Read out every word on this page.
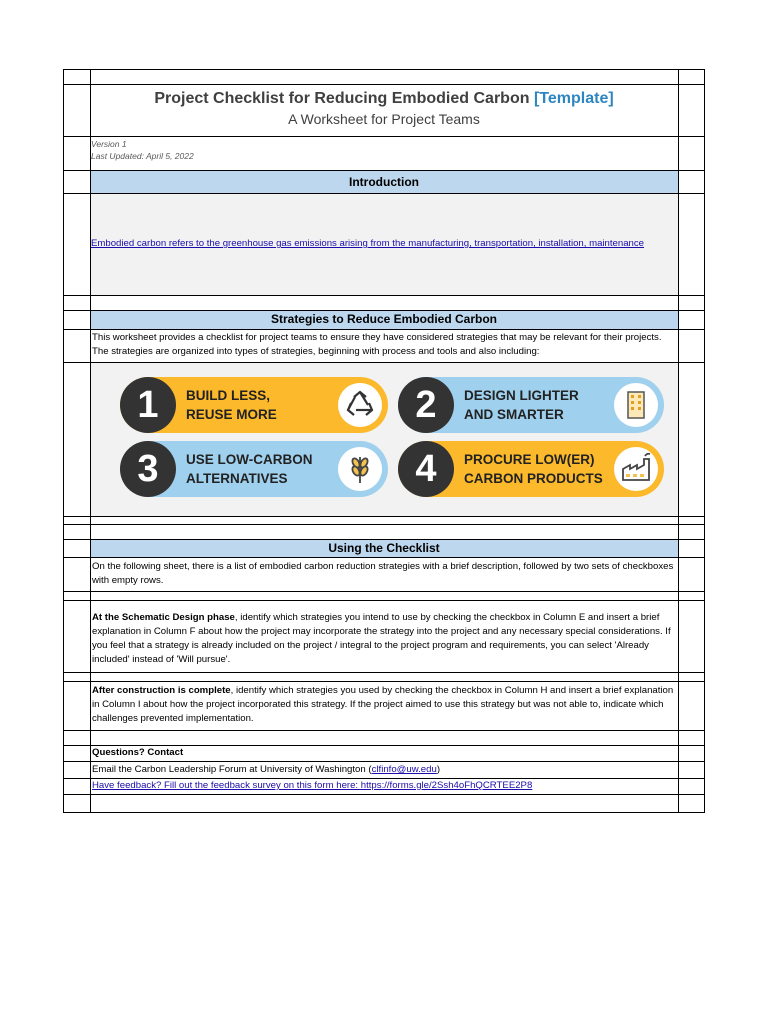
Introduction
Strategies to Reduce Embodied Carbon
Using the Checklist
Project Checklist for Reducing Embodied Carbon [Template]
A Worksheet for Project Teams
Version 1
Last Updated: April 5, 2022
Embodied carbon refers to the greenhouse gas emissions arising from the manufacturing, transportation, installation, maintenance
This worksheet provides a checklist for project teams to ensure they have considered strategies that may be relevant for their projects. The strategies are organized into types of strategies, beginning with process and tools and also including:
1	BUILD LESS,
REUSE MORE	2	DESIGN LIGHTER
AND SMARTER
3	USE LOW-CARBON
ALTERNATIVES	4	PROCURE LOW(ER)
CARBON PRODUCTS
On the following sheet, there is a list of embodied carbon reduction strategies with a brief description, followed by two sets of checkboxes with empty rows.
At the Schematic Design phase, identify which strategies you intend to use by checking the checkbox in Column E and insert a brief explanation in Column F about how the project may incorporate the strategy into the project and any necessary special considerations. If you feel that a strategy is already included on the project / integral to the project program and requirements, you can select 'Already included' instead of 'Will pursue'.
After construction is complete, identify which strategies you used by checking the checkbox in Column H and insert a brief explanation in Column I about how the project incorporated this strategy. If the project aimed to use this strategy but was not able to, indicate which challenges prevented implementation.
Questions? Contact
Email the Carbon Leadership Forum at University of Washington (clfinfo@uw.edu)
Have feedback? Fill out the feedback survey on this form here: https://forms.gle/2Ssh4oFhQCRTEE2P8
